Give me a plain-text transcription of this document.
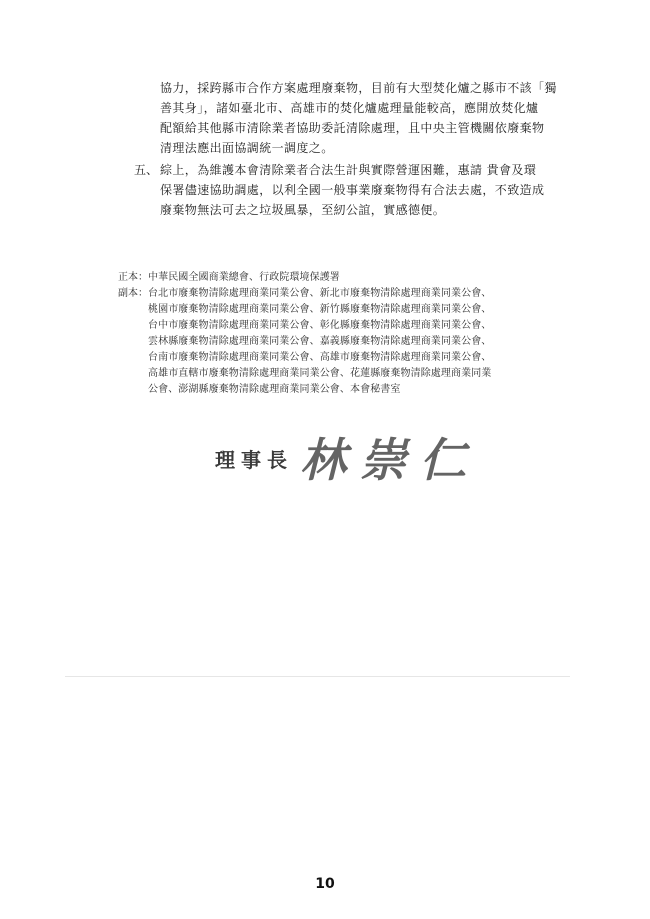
協力，採跨縣市合作方案處理廢棄物，目前有大型焚化爐之縣市不該「獨
善其身」，諸如臺北市、高雄市的焚化爐處理量能較高，應開放焚化爐
配額給其他縣市清除業者協助委託清除處理，且中央主管機關依廢棄物
清理法應出面協調統一調度之。
五、 綜上，為維護本會清除業者合法生計與實際營運困難，惠請 貴會及環
保署儘速協助調處，以利全國一般事業廢棄物得有合法去處，不致造成
廢棄物無法可去之垃圾風暴，至紉公誼，實感德便。
正本： 中華民國全國商業總會、行政院環境保護署
副本： 台北市廢棄物清除處理商業同業公會、新北市廢棄物清除處理商業同業公會、
桃園市廢棄物清除處理商業同業公會、新竹縣廢棄物清除處理商業同業公會、
台中市廢棄物清除處理商業同業公會、彰化縣廢棄物清除處理商業同業公會、
雲林縣廢棄物清除處理商業同業公會、嘉義縣廢棄物清除處理商業同業公會、
台南市廢棄物清除處理商業同業公會、高雄市廢棄物清除處理商業同業公會、
高雄市直轄市廢棄物清除處理商業同業公會、花蓮縣廢棄物清除處理商業同業
公會、澎湖縣廢棄物清除處理商業同業公會、本會秘書室
理事長 林崇仁
10
